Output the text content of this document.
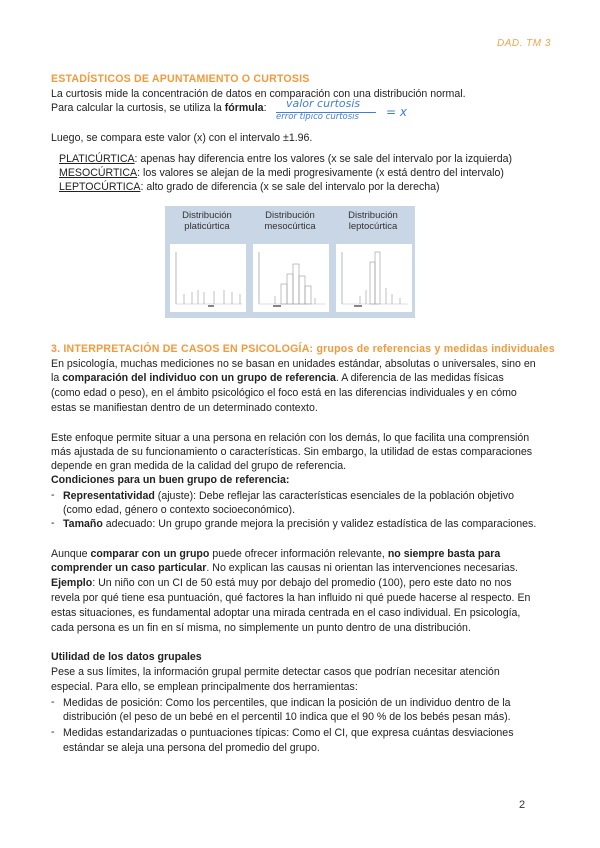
DAD. TM 3
ESTADÍSTICOS DE APUNTAMIENTO O CURTOSIS
La curtosis mide la concentración de datos en comparación con una distribución normal.
Para calcular la curtosis, se utiliza la fórmula: valor curtosis
error típico curtosis = x
Luego, se compara este valor (x) con el intervalo ±1.96.
PLATICÚRTICA: apenas hay diferencia entre los valores (x se sale del intervalo por la izquierda)
MESOCÚRTICA: los valores se alejan de la medi progresivamente (x está dentro del intervalo)
LEPTOCÚRTICA: alto grado de diferencia (x se sale del intervalo por la derecha)
Distribución
platicúrtica
Distribución
mesocúrtica
Distribución
leptocúrtica
3. INTERPRETACIÓN DE CASOS EN PSICOLOGÍA: grupos de referencias y medidas individuales
En psicología, muchas mediciones no se basan en unidades estándar, absolutas o universales, sino en
la comparación del individuo con un grupo de referencia. A diferencia de las medidas físicas
(como edad o peso), en el ámbito psicológico el foco está en las diferencias individuales y en cómo
estas se manifiestan dentro de un determinado contexto.
Este enfoque permite situar a una persona en relación con los demás, lo que facilita una comprensión
más ajustada de su funcionamiento o características. Sin embargo, la utilidad de estas comparaciones
depende en gran medida de la calidad del grupo de referencia.
Condiciones para un buen grupo de referencia:
- Representatividad (ajuste): Debe reflejar las características esenciales de la población objetivo
(como edad, género o contexto socioeconómico).
- Tamaño adecuado: Un grupo grande mejora la precisión y validez estadística de las comparaciones.
Aunque comparar con un grupo puede ofrecer información relevante, no siempre basta para
comprender un caso particular. No explican las causas ni orientan las intervenciones necesarias.
Ejemplo: Un niño con un CI de 50 está muy por debajo del promedio (100), pero este dato no nos
revela por qué tiene esa puntuación, qué factores la han influido ni qué puede hacerse al respecto. En
estas situaciones, es fundamental adoptar una mirada centrada en el caso individual. En psicología,
cada persona es un fin en sí misma, no simplemente un punto dentro de una distribución.
Utilidad de los datos grupales
Pese a sus límites, la información grupal permite detectar casos que podrían necesitar atención
especial. Para ello, se emplean principalmente dos herramientas:
- Medidas de posición: Como los percentiles, que indican la posición de un individuo dentro de la
distribución (el peso de un bebé en el percentil 10 indica que el 90 % de los bebés pesan más).
- Medidas estandarizadas o puntuaciones típicas: Como el CI, que expresa cuántas desviaciones
estándar se aleja una persona del promedio del grupo.
2
